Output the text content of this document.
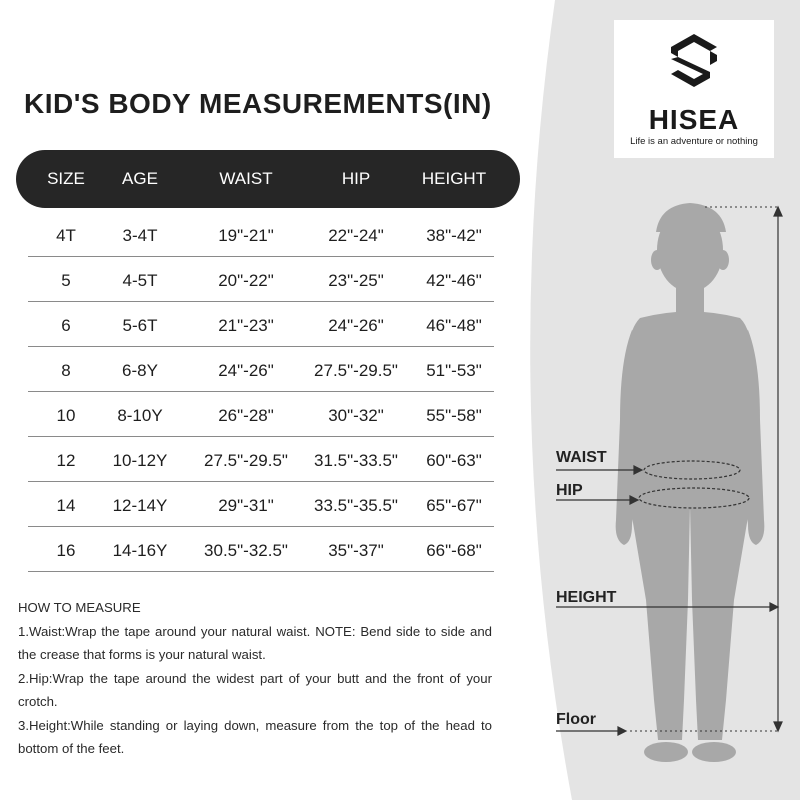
WAIST
HIP
HEIGHT
Floor
HISEA
Life is an adventure or nothing
KID'S BODY MEASUREMENTS(IN)
SIZE	AGE	WAIST	HIP	HEIGHT
4T	3-4T	19"-21"	22"-24"	38"-42"
5	4-5T	20"-22"	23"-25"	42"-46"
6	5-6T	21"-23"	24"-26"	46"-48"
8	6-8Y	24"-26"	27.5"-29.5"	51"-53"
10	8-10Y	26"-28"	30"-32"	55"-58"
12	10-12Y	27.5"-29.5"	31.5"-33.5"	60"-63"
14	12-14Y	29"-31"	33.5"-35.5"	65"-67"
16	14-16Y	30.5"-32.5"	35"-37"	66"-68"

HOW TO MEASURE

1.Waist:Wrap the tape around your natural waist. NOTE: Bend side to side and the crease that forms is your natural waist.

2.Hip:Wrap the tape around the widest part of your butt and the front of your crotch.

3.Height:While standing or laying down, measure from the top of the head to bottom of the feet.
